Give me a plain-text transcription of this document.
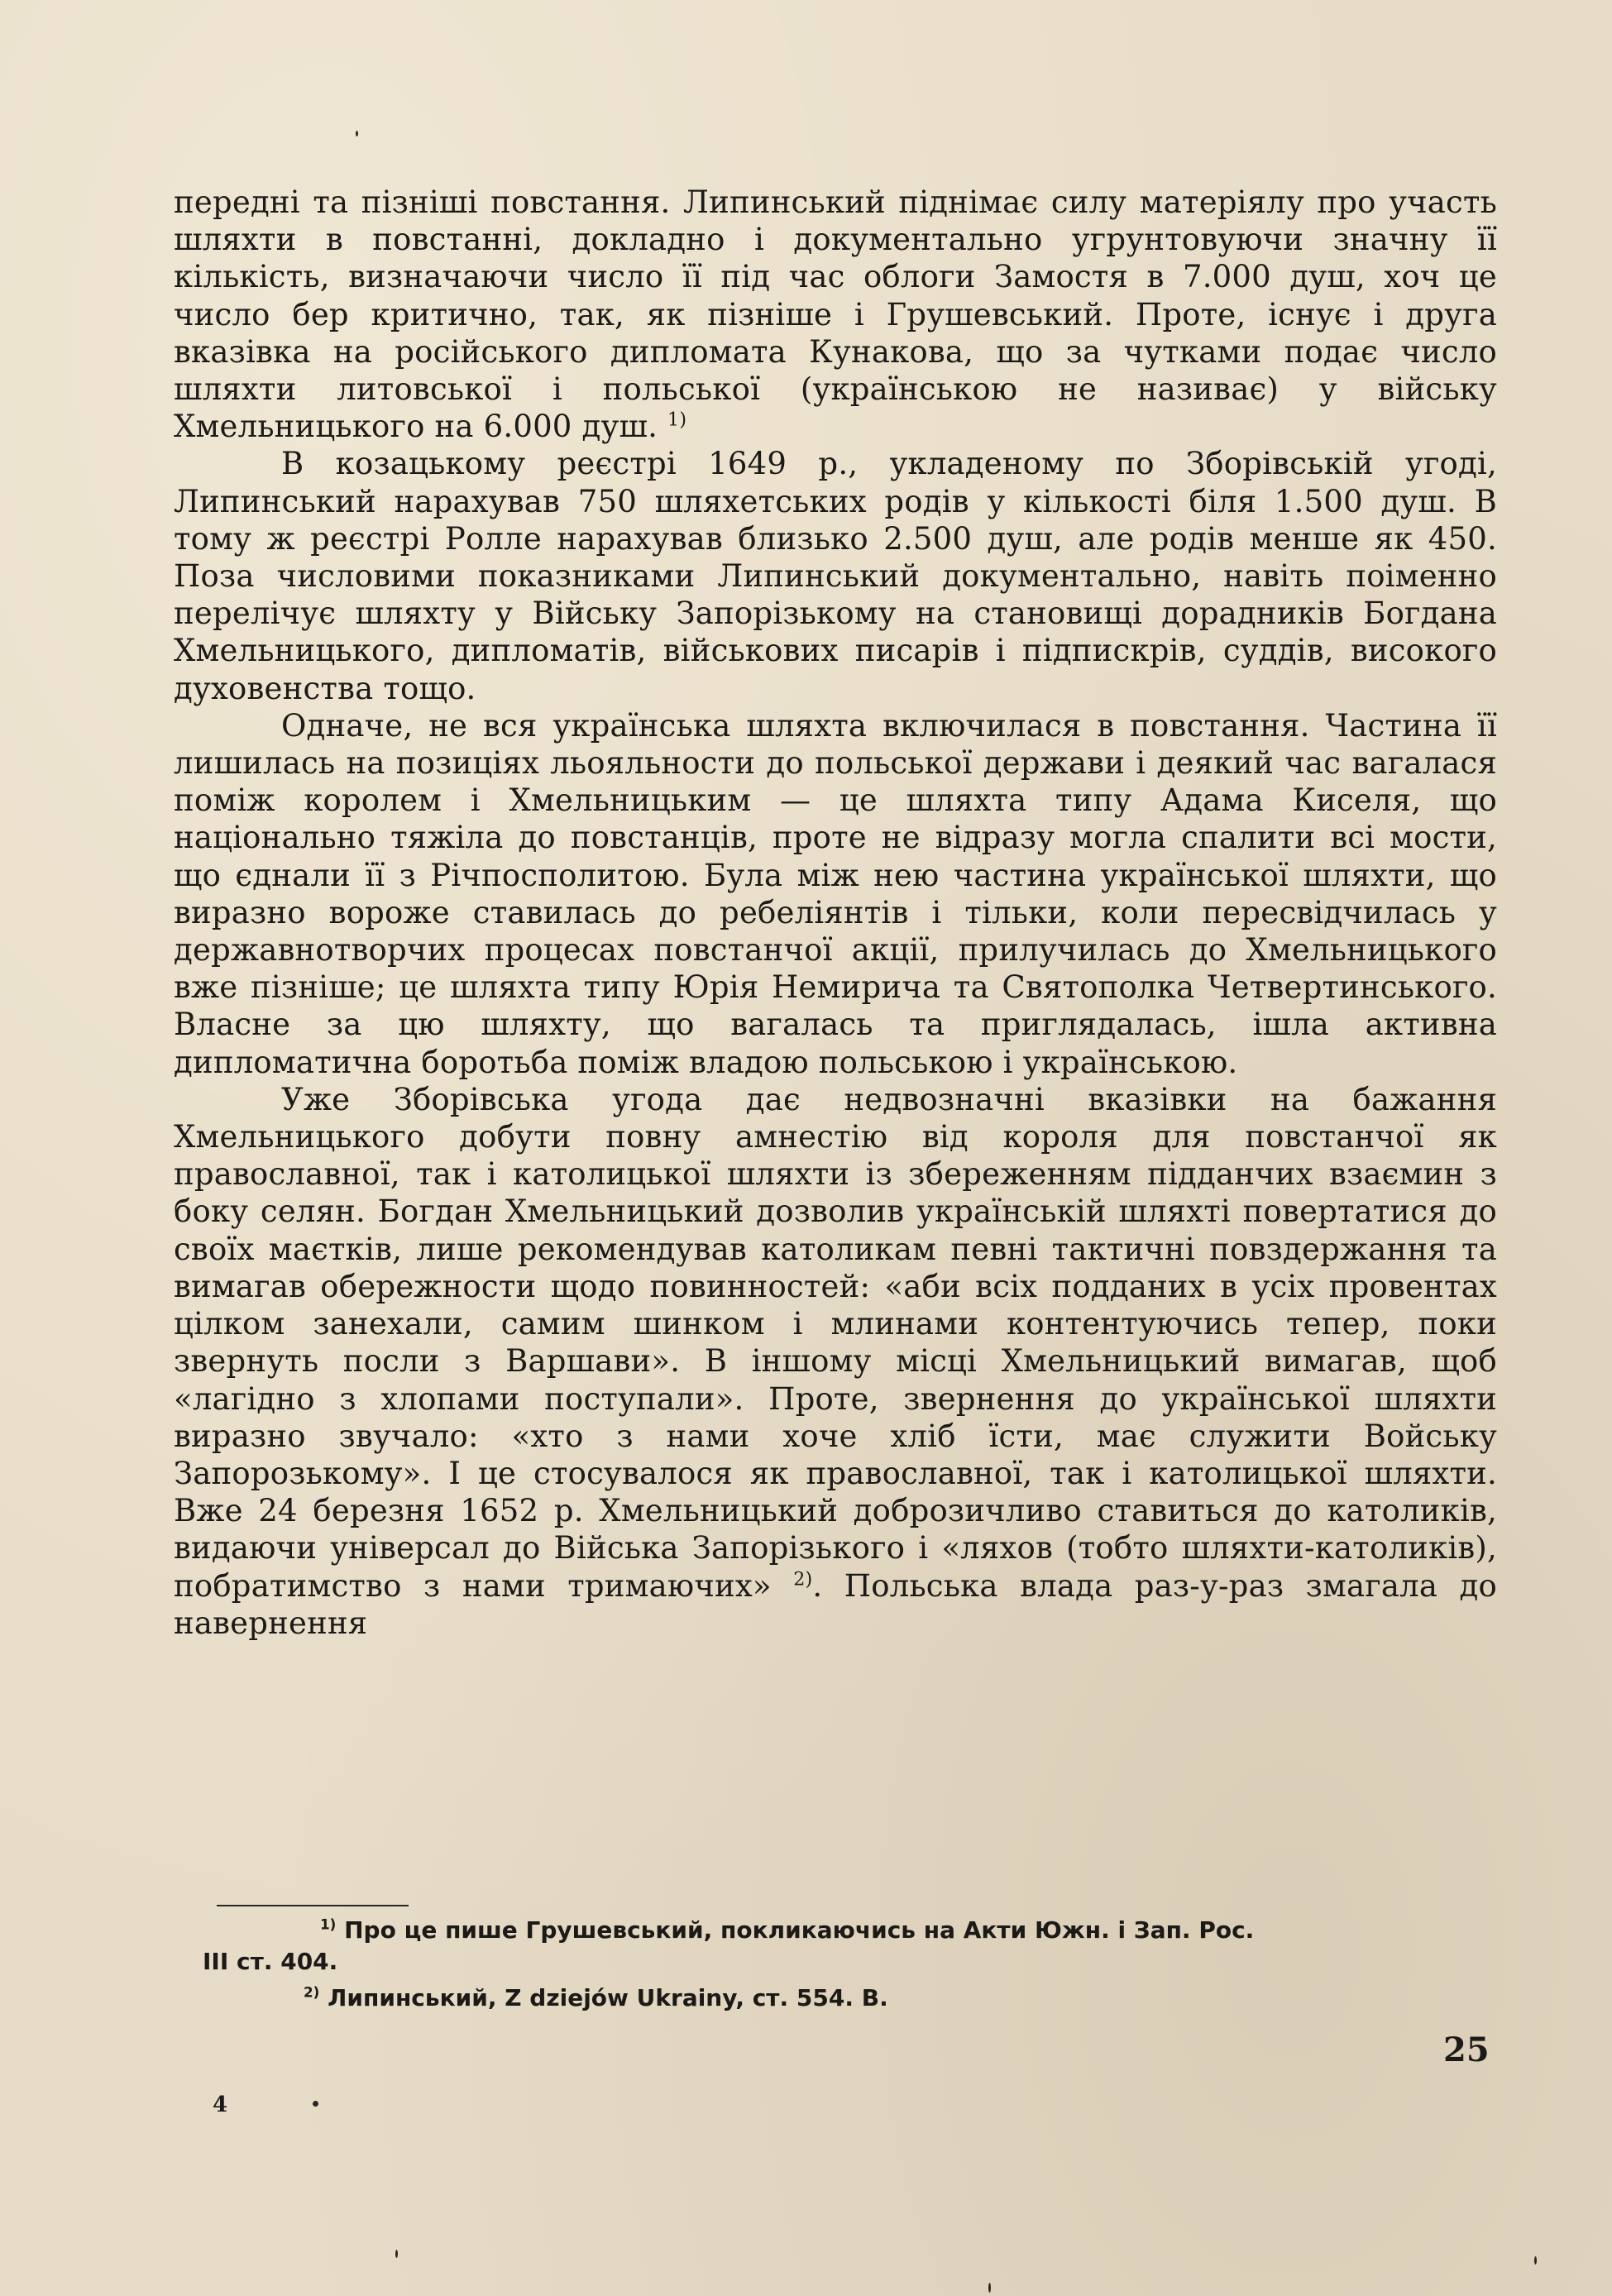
передні та пізніші повстання. Липинський піднімає силу матеріялу про участь шляхти в повстанні, докладно і документально угрунтовуючи значну її кількість, визначаючи число її під час облоги Замостя в 7.000 душ, хоч це число бер критично, так, як пізніше і Грушевський. Проте, існує і друга вказівка на російського дипломата Кунакова, що за чутками подає число шляхти литовської і польської (українською не називає) у війську Хмельницького на 6.000 душ. $^{1)}$

В козацькому реєстрі 1649 р., укладеному по Зборівській угоді, Липинський нарахував 750 шляхетських родів у кількості біля 1.500 душ. В тому ж реєстрі Ролле нарахував близько 2.500 душ, але родів менше як 450. Поза числовими показниками Липинський документально, навіть поіменно перелічує шляхту у Війську Запорізькому на становищі дорадників Богдана Хмельницького, дипломатів, військових писарів і підпискрів, суддів, високого духовенства тощо.

Одначе, не вся українська шляхта включилася в повстання. Частина її лишилась на позиціях льояльности до польської держави і деякий час вагалася поміж королем і Хмельницьким — це шляхта типу Адама Киселя, що національно тяжіла до повстанців, проте не відразу могла спалити всі мости, що єднали її з Річпосполитою. Була між нею частина української шляхти, що виразно вороже ставилась до ребеліянтів і тільки, коли пересвідчилась у державнотворчих процесах повстанчої акції, прилучилась до Хмельницького вже пізніше; це шляхта типу Юрія Немирича та Святополка Четвертинського. Власне за цю шляхту, що вагалась та приглядалась, ішла активна дипломатична боротьба поміж владою польською і українською.

Уже Зборівська угода дає недвозначні вказівки на бажання Хмельницького добути повну амнестію від короля для повстанчої як православної, так і католицької шляхти із збереженням підданчих взаємин з боку селян. Богдан Хмельницький дозволив українській шляхті повертатися до своїх маєтків, лише рекомендував католикам певні тактичні повздержання та вимагав обережности щодо повинностей: «аби всіх подданих в усіх провентах цілком занехали, самим шинком і млинами контентуючись тепер, поки звернуть посли з Варшави». В іншому місці Хмельницький вимагав, щоб «лагідно з хлопами поступали». Проте, звернення до української шляхти виразно звучало: «хто з нами хоче хліб їсти, має служити Войську Запорозькому». І це стосувалося як православної, так і католицької шляхти. Вже 24 березня 1652 р. Хмельницький доброзичливо ставиться до католиків, видаючи універсал до Війська Запорізького і «ляхов (тобто шляхти-католиків), побратимство з нами тримаючих» $^{2)}$. Польська влада раз-у-раз змагала до навернення

$^{1)}$ Про це пише Грушевський, покликаючись на Акти Южн. і Зап. Рос.

III ст. 404.

$^{2)}$ Липинський, Z dziejów Ukrainy, ст. 554. В.

25
4
